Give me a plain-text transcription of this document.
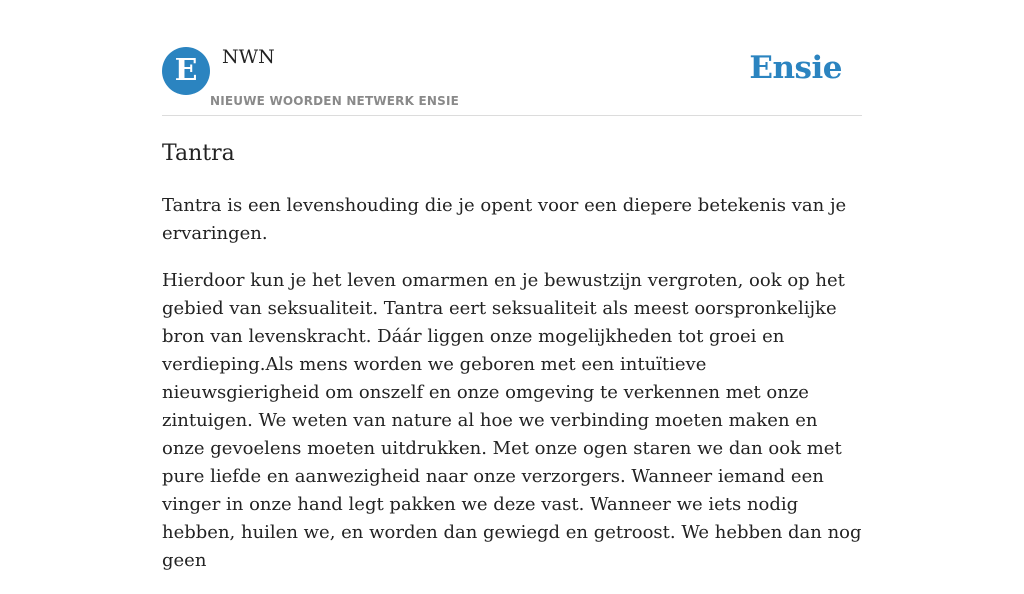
E	NWN
NIEUWE WOORDEN NETWERK ENSIE
Ensie
Tantra

Tantra is een levenshouding die je opent voor een diepere betekenis van je ervaringen.

Hierdoor kun je het leven omarmen en je bewustzijn vergroten, ook op het gebied van seksualiteit. Tantra eert seksualiteit als meest oorspronkelijke bron van levenskracht. Dáár liggen onze mogelijkheden tot groei en verdieping.Als mens worden we geboren met een intuïtieve nieuwsgierigheid om onszelf en onze omgeving te verkennen met onze zintuigen. We weten van nature al hoe we verbinding moeten maken en onze gevoelens moeten uitdrukken. Met onze ogen staren we dan ook met pure liefde en aanwezigheid naar onze verzorgers. Wanneer iemand een vinger in onze hand legt pakken we deze vast. Wanneer we iets nodig hebben, huilen we, en worden dan gewiegd en getroost. We hebben dan nog geen
